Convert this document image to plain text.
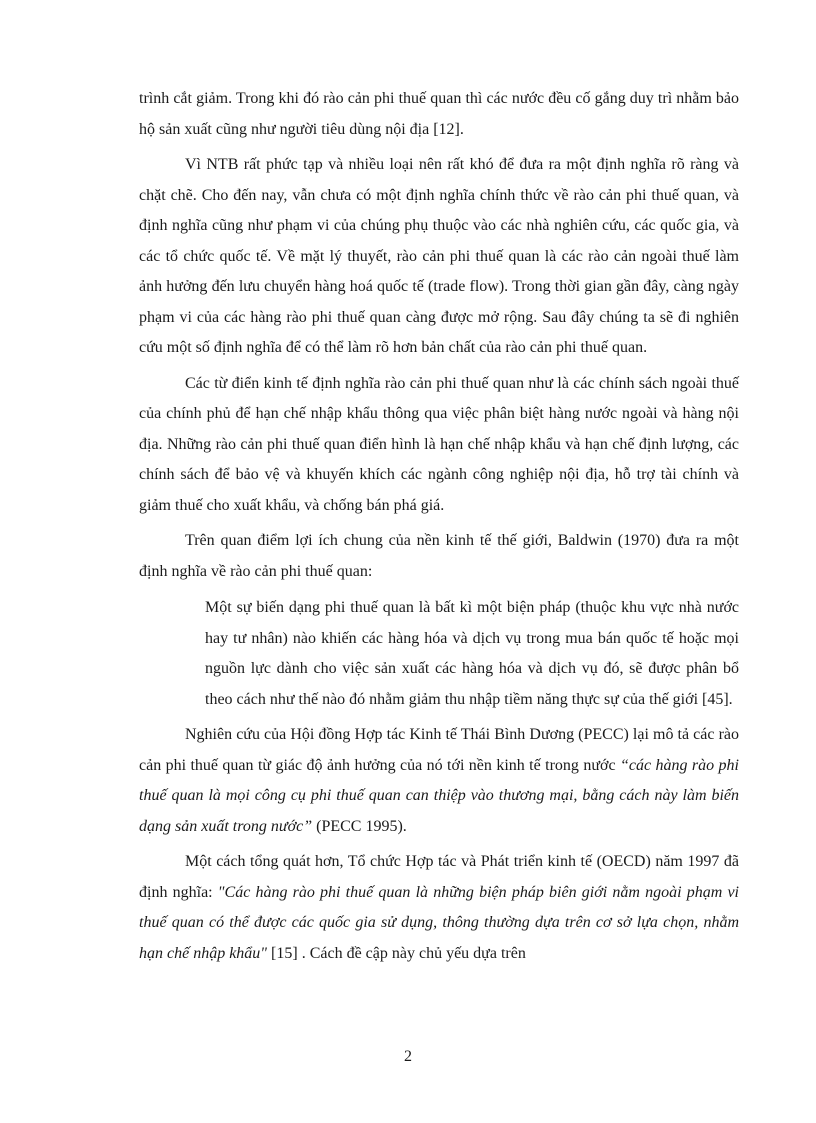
trình cắt giảm. Trong khi đó rào cản phi thuế quan thì các nước đều cố gắng duy trì nhằm bảo hộ sản xuất cũng như người tiêu dùng nội địa [12].

Vì NTB rất phức tạp và nhiều loại nên rất khó để đưa ra một định nghĩa rõ ràng và chặt chẽ. Cho đến nay, vẫn chưa có một định nghĩa chính thức về rào cản phi thuế quan, và định nghĩa cũng như phạm vi của chúng phụ thuộc vào các nhà nghiên cứu, các quốc gia, và các tổ chức quốc tế. Về mặt lý thuyết, rào cản phi thuế quan là các rào cản ngoài thuế làm ảnh hưởng đến lưu chuyển hàng hoá quốc tế (trade flow). Trong thời gian gần đây, càng ngày phạm vi của các hàng rào phi thuế quan càng được mở rộng. Sau đây chúng ta sẽ đi nghiên cứu một số định nghĩa để có thể làm rõ hơn bản chất của rào cản phi thuế quan.

Các từ điển kinh tế định nghĩa rào cản phi thuế quan như là các chính sách ngoài thuế của chính phủ để hạn chế nhập khẩu thông qua việc phân biệt hàng nước ngoài và hàng nội địa. Những rào cản phi thuế quan điển hình là hạn chế nhập khẩu và hạn chế định lượng, các chính sách để bảo vệ và khuyến khích các ngành công nghiệp nội địa, hỗ trợ tài chính và giảm thuế cho xuất khẩu, và chống bán phá giá.

Trên quan điểm lợi ích chung của nền kinh tế thế giới, Baldwin (1970) đưa ra một định nghĩa về rào cản phi thuế quan:

Một sự biến dạng phi thuế quan là bất kì một biện pháp (thuộc khu vực nhà nước hay tư nhân) nào khiến các hàng hóa và dịch vụ trong mua bán quốc tế hoặc mọi nguồn lực dành cho việc sản xuất các hàng hóa và dịch vụ đó, sẽ được phân bổ theo cách như thế nào đó nhằm giảm thu nhập tiềm năng thực sự của thế giới [45].

Nghiên cứu của Hội đồng Hợp tác Kinh tế Thái Bình Dương (PECC) lại mô tả các rào cản phi thuế quan từ giác độ ảnh hưởng của nó tới nền kinh tế trong nước “các hàng rào phi thuế quan là mọi công cụ phi thuế quan can thiệp vào thương mại, bằng cách này làm biến dạng sản xuất trong nước” (PECC 1995).

Một cách tổng quát hơn, Tổ chức Hợp tác và Phát triển kinh tế (OECD) năm 1997 đã định nghĩa: "Các hàng rào phi thuế quan là những biện pháp biên giới nằm ngoài phạm vi thuế quan có thể được các quốc gia sử dụng, thông thường dựa trên cơ sở lựa chọn, nhằm hạn chế nhập khẩu" [15] . Cách đề cập này chủ yếu dựa trên

2
